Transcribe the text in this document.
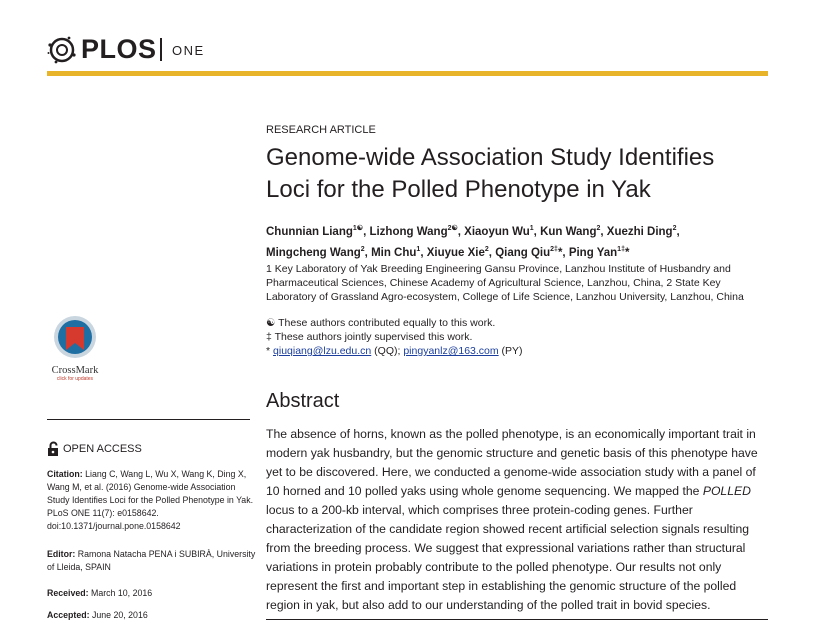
PLOS ONE
RESEARCH ARTICLE
Genome-wide Association Study Identifies
Loci for the Polled Phenotype in Yak
Chunnian Liang$^{1☯}$, Lizhong Wang$^{2☯}$, Xiaoyun Wu$^1$, Kun Wang$^2$, Xuezhi Ding$^2$,
Mingcheng Wang$^2$, Min Chu$^1$, Xiuyue Xie$^2$, Qiang Qiu$^{2\ddagger}$*, Ping Yan$^{1\ddagger}$*
1 Key Laboratory of Yak Breeding Engineering Gansu Province, Lanzhou Institute of Husbandry and Pharmaceutical Sciences, Chinese Academy of Agricultural Science, Lanzhou, China, 2 State Key Laboratory of Grassland Agro-ecosystem, College of Life Science, Lanzhou University, Lanzhou, China
☯ These authors contributed equally to this work.
‡ These authors jointly supervised this work.
* qiuqiang@lzu.edu.cn (QQ); pingyanlz@163.com (PY)
Abstract

The absence of horns, known as the polled phenotype, is an economically important trait in modern yak husbandry, but the genomic structure and genetic basis of this phenotype have yet to be discovered. Here, we conducted a genome-wide association study with a panel of 10 horned and 10 polled yaks using whole genome sequencing. We mapped the POLLED locus to a 200-kb interval, which comprises three protein-coding genes. Further characterization of the candidate region showed recent artificial selection signals resulting from the breeding process. We suggest that expressional variations rather than structural variations in protein probably contribute to the polled phenotype. Our results not only represent the first and important step in establishing the genomic structure of the polled region in yak, but also add to our understanding of the polled trait in bovid species.

CrossMark
click for updates
OPEN ACCESS
Citation: Liang C, Wang L, Wu X, Wang K, Ding X, Wang M, et al. (2016) Genome-wide Association Study Identifies Loci for the Polled Phenotype in Yak. PLoS ONE 11(7): e0158642. doi:10.1371/journal.pone.0158642
Editor: Ramona Natacha PENA i SUBIRÀ, University of Lleida, SPAIN
Received: March 10, 2016
Accepted: June 20, 2016
